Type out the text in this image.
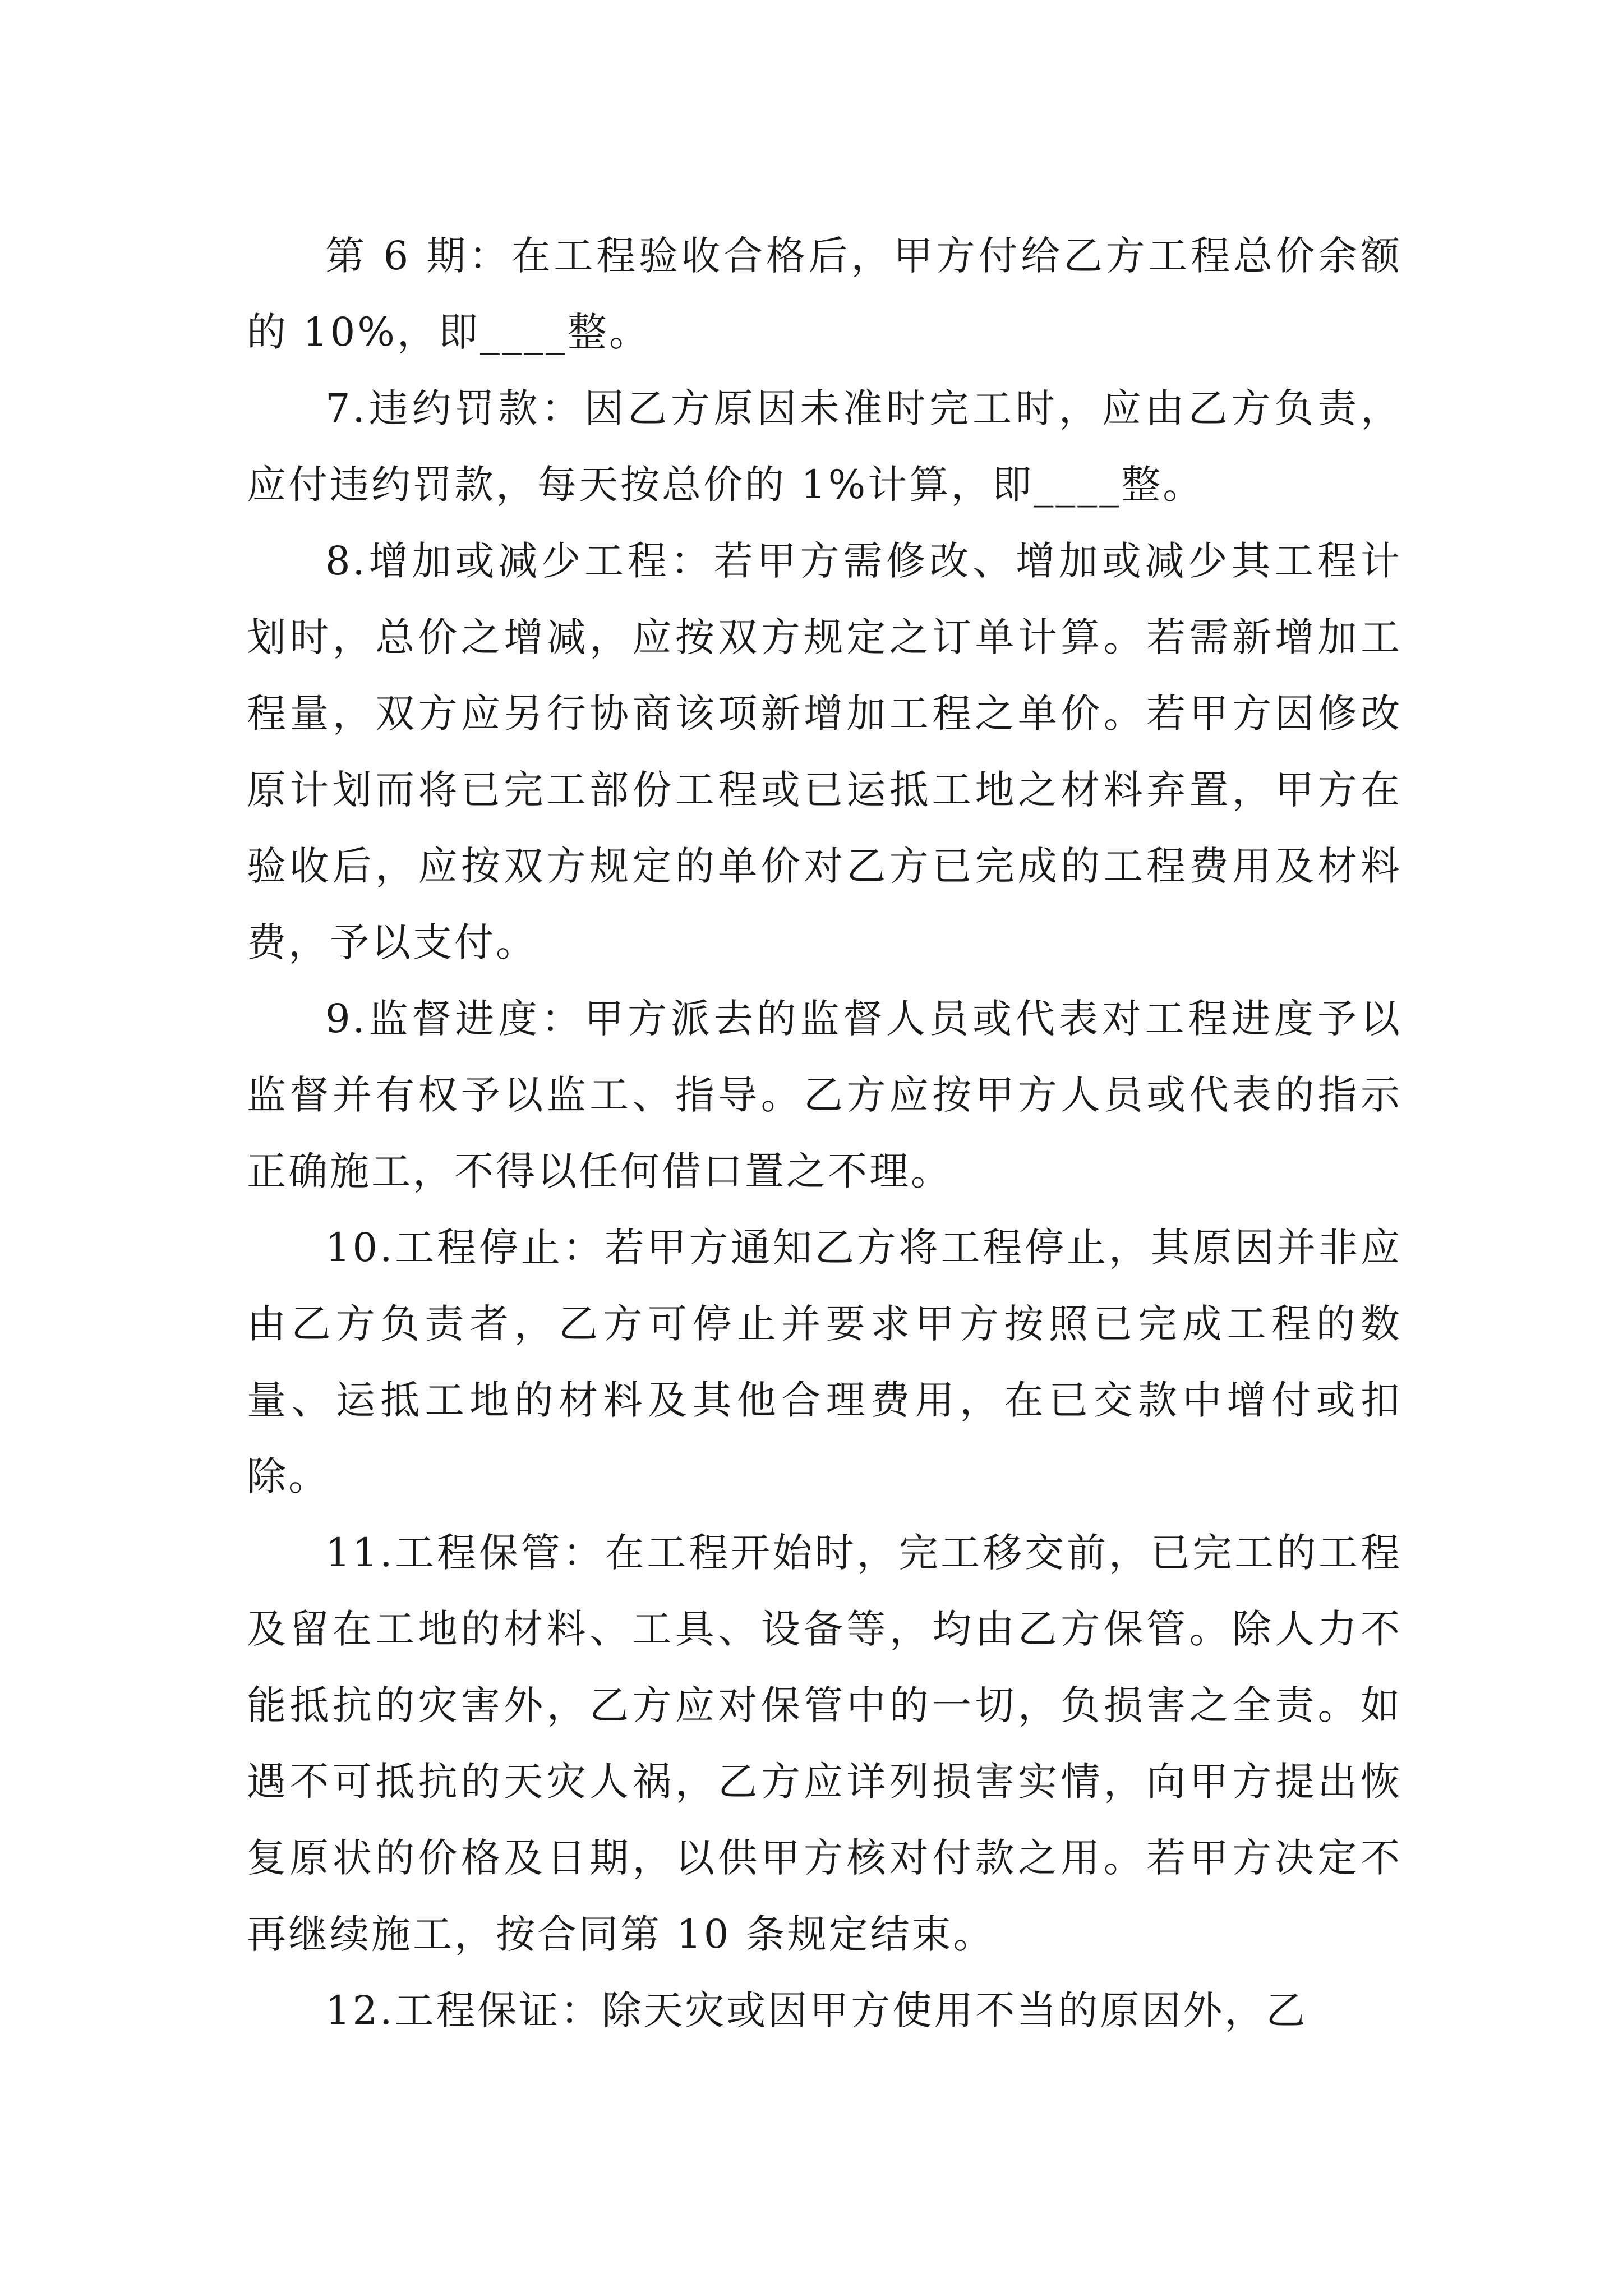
第 6 期：在工程验收合格后，甲方付给乙方工程总价余额的 10%，即____整。

7.违约罚款：因乙方原因未准时完工时，应由乙方负责，应付违约罚款，每天按总价的 1%计算，即____整。

8.增加或减少工程：若甲方需修改、增加或减少其工程计划时，总价之增减，应按双方规定之订单计算。若需新增加工程量，双方应另行协商该项新增加工程之单价。若甲方因修改原计划而将已完工部份工程或已运抵工地之材料弃置，甲方在验收后，应按双方规定的单价对乙方已完成的工程费用及材料费，予以支付。

9.监督进度：甲方派去的监督人员或代表对工程进度予以监督并有权予以监工、指导。乙方应按甲方人员或代表的指示正确施工，不得以任何借口置之不理。

10.工程停止：若甲方通知乙方将工程停止，其原因并非应由乙方负责者，乙方可停止并要求甲方按照已完成工程的数量、运抵工地的材料及其他合理费用，在已交款中增付或扣除。

11.工程保管：在工程开始时，完工移交前，已完工的工程及留在工地的材料、工具、设备等，均由乙方保管。除人力不能抵抗的灾害外，乙方应对保管中的一切，负损害之全责。如遇不可抵抗的天灾人祸，乙方应详列损害实情，向甲方提出恢复原状的价格及日期，以供甲方核对付款之用。若甲方决定不再继续施工，按合同第 10 条规定结束。

12.工程保证：除天灾或因甲方使用不当的原因外，乙
